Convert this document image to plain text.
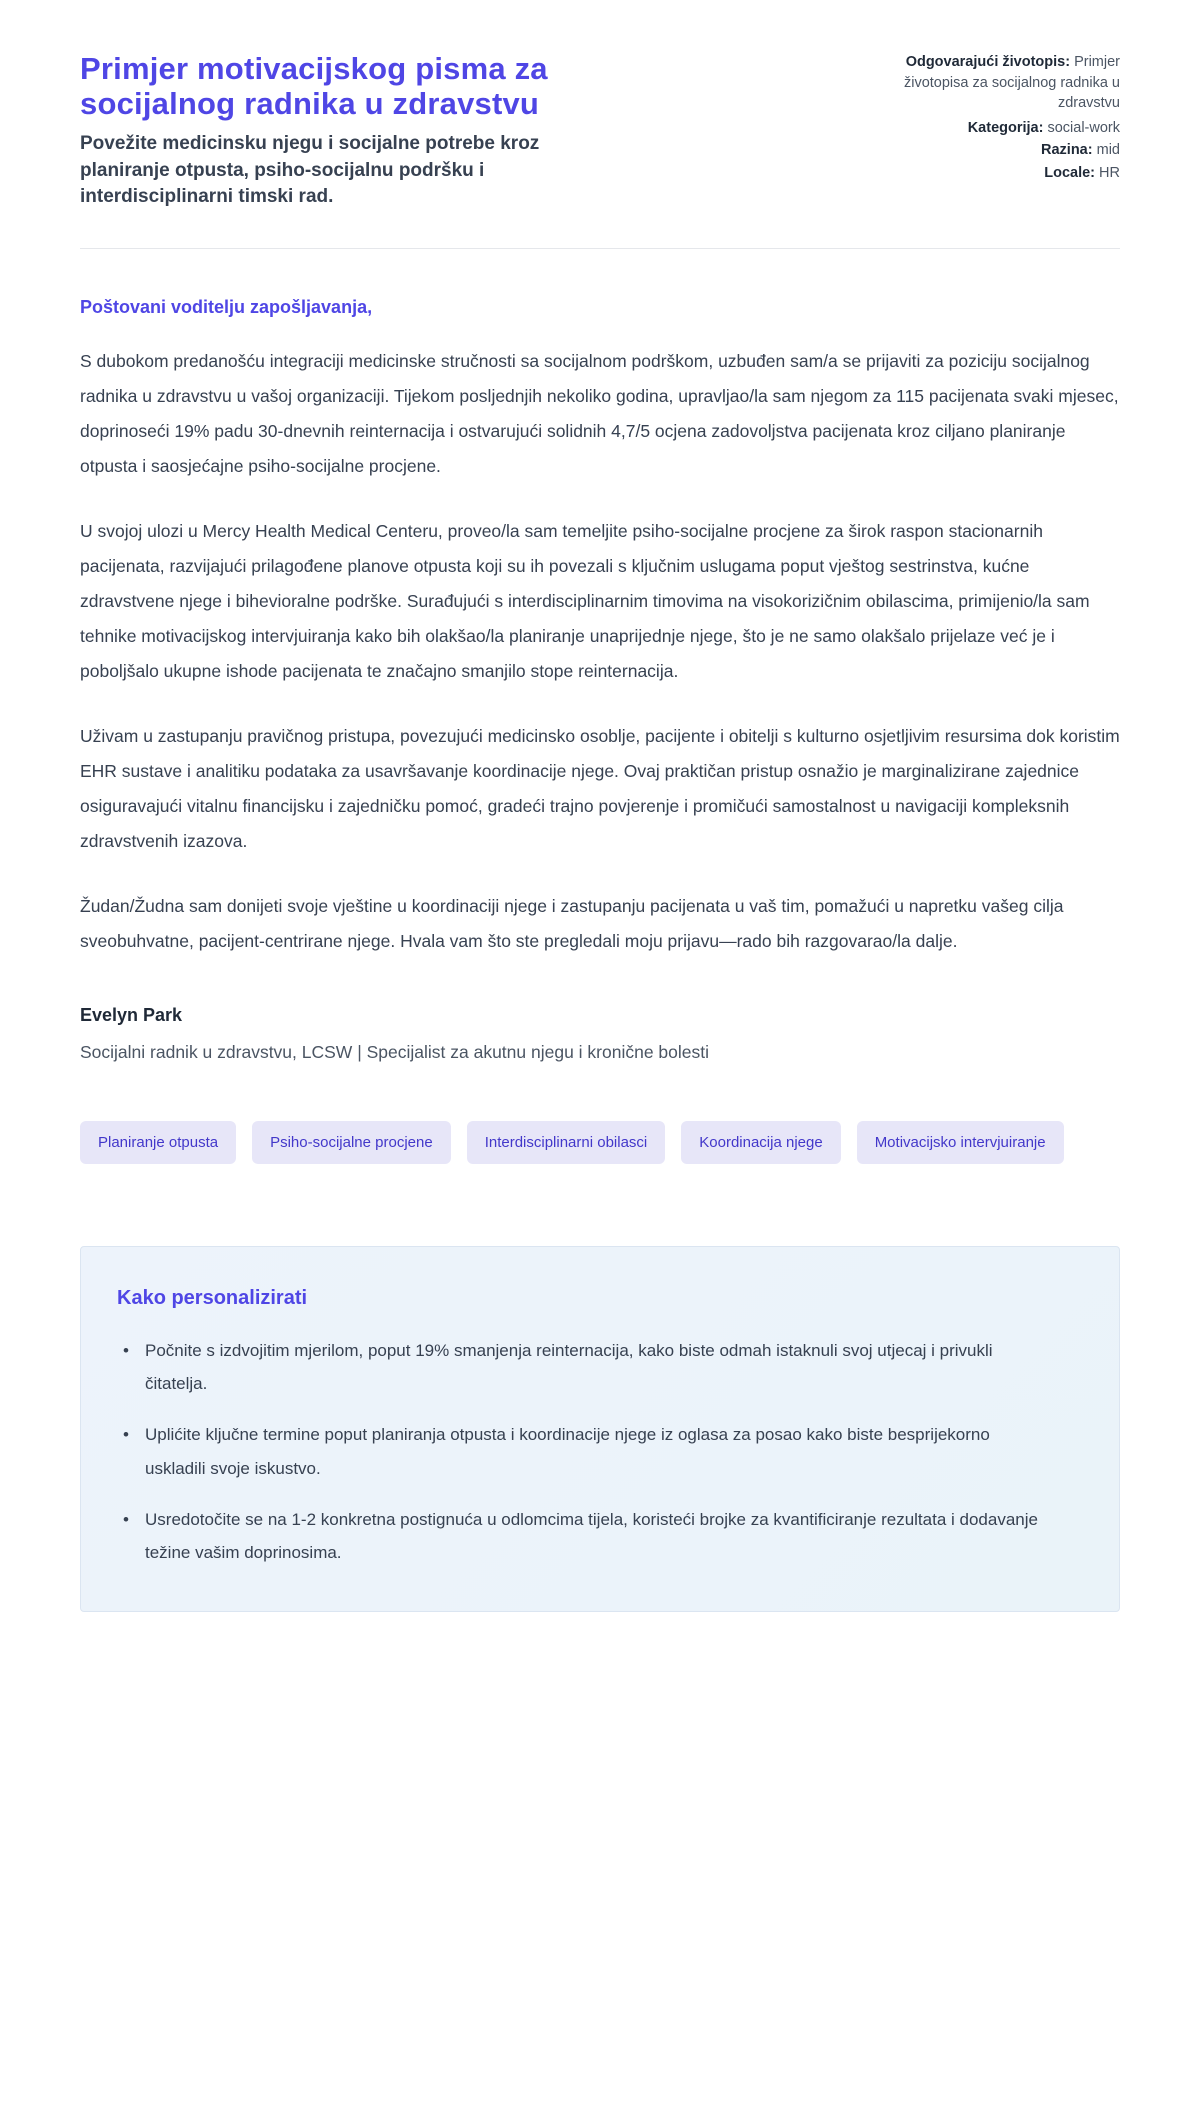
Primjer motivacijskog pisma za socijalnog radnika u zdravstvu
Povežite medicinsku njegu i socijalne potrebe kroz planiranje otpusta, psiho-socijalnu podršku i interdisciplinarni timski rad.
Odgovarajući životopis: Primjer životopisa za socijalnog radnika u zdravstvu
Kategorija: social-work
Razina: mid
Locale: HR
Poštovani voditelju zapošljavanja,

S dubokom predanošću integraciji medicinske stručnosti sa socijalnom podrškom, uzbuđen sam/a se prijaviti za poziciju socijalnog radnika u zdravstvu u vašoj organizaciji. Tijekom posljednjih nekoliko godina, upravljao/la sam njegom za 115 pacijenata svaki mjesec, doprinoseći 19% padu 30-dnevnih reinternacija i ostvarujući solidnih 4,7/5 ocjena zadovoljstva pacijenata kroz ciljano planiranje otpusta i saosjećajne psiho-socijalne procjene.

U svojoj ulozi u Mercy Health Medical Centeru, proveo/la sam temeljite psiho-socijalne procjene za širok raspon stacionarnih pacijenata, razvijajući prilagođene planove otpusta koji su ih povezali s ključnim uslugama poput vještog sestrinstva, kućne zdravstvene njege i bihevioralne podrške. Surađujući s interdisciplinarnim timovima na visokorizičnim obilascima, primijenio/la sam tehnike motivacijskog intervjuiranja kako bih olakšao/la planiranje unaprijednje njege, što je ne samo olakšalo prijelaze već je i poboljšalo ukupne ishode pacijenata te značajno smanjilo stope reinternacija.

Uživam u zastupanju pravičnog pristupa, povezujući medicinsko osoblje, pacijente i obitelji s kulturno osjetljivim resursima dok koristim EHR sustave i analitiku podataka za usavršavanje koordinacije njege. Ovaj praktičan pristup osnažio je marginalizirane zajednice osiguravajući vitalnu financijsku i zajedničku pomoć, gradeći trajno povjerenje i promičući samostalnost u navigaciji kompleksnih zdravstvenih izazova.

Žudan/Žudna sam donijeti svoje vještine u koordinaciji njege i zastupanju pacijenata u vaš tim, pomažući u napretku vašeg cilja sveobuhvatne, pacijent-centrirane njege. Hvala vam što ste pregledali moju prijavu—rado bih razgovarao/la dalje.

Evelyn Park
Socijalni radnik u zdravstvu, LCSW | Specijalist za akutnu njegu i kronične bolesti
Planiranje otpusta	Psiho-socijalne procjene	Interdisciplinarni obilasci	Koordinacija njege	Motivacijsko intervjuiranje
Kako personalizirati
• Počnite s izdvojitim mjerilom, poput 19% smanjenja reinternacija, kako biste odmah istaknuli svoj utjecaj i privukli čitatelja.
• Uplićite ključne termine poput planiranja otpusta i koordinacije njege iz oglasa za posao kako biste besprijekorno uskladili svoje iskustvo.
• Usredotočite se na 1-2 konkretna postignuća u odlomcima tijela, koristeći brojke za kvantificiranje rezultata i dodavanje težine vašim doprinosima.
